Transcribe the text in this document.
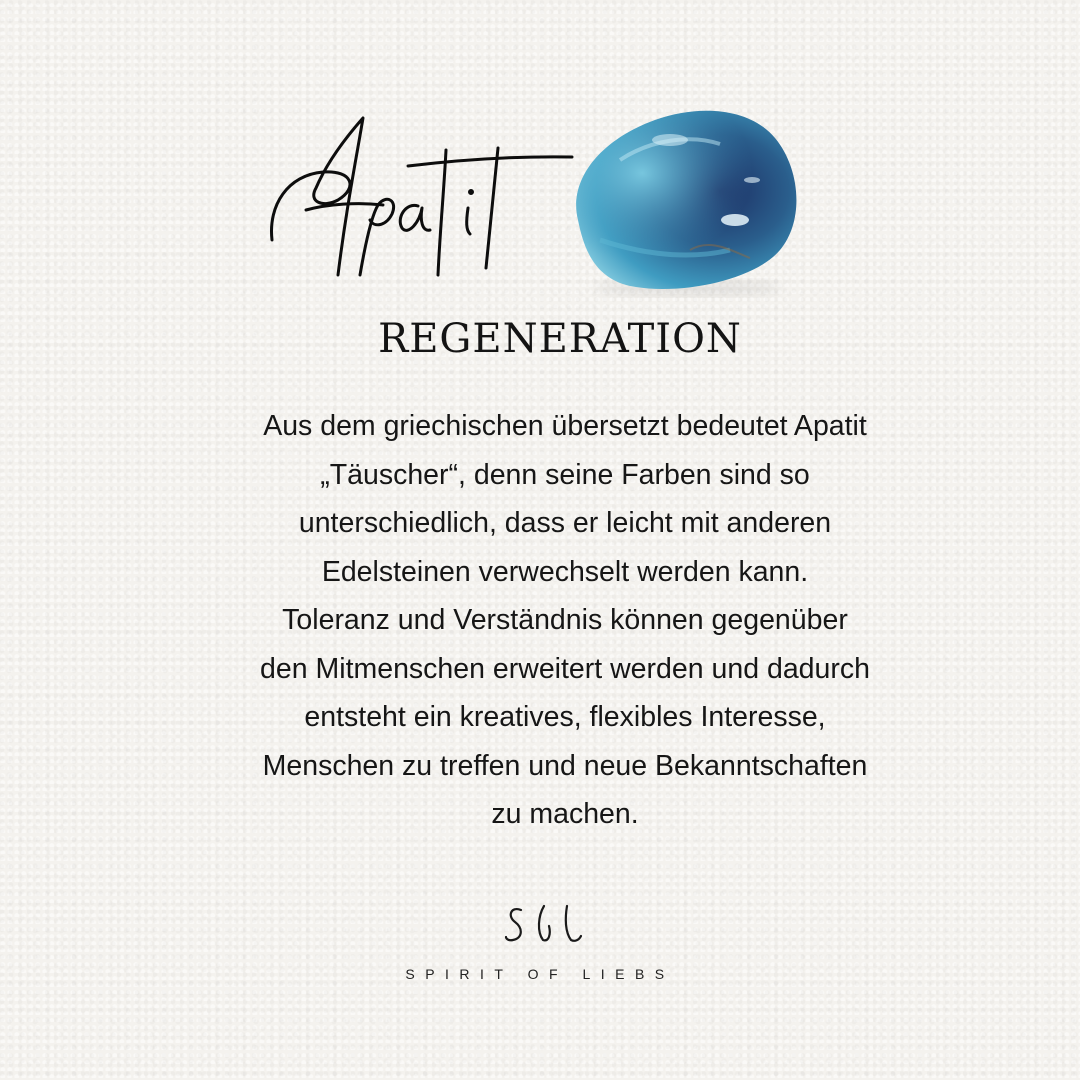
REGENERATION

Aus dem griechischen übersetzt bedeutet Apatit „Täuscher“, denn seine Farben sind so unterschiedlich, dass er leicht mit anderen Edelsteinen verwechselt werden kann.

Toleranz und Verständnis können gegenüber den Mitmenschen erweitert werden und dadurch entsteht ein kreatives, flexibles Interesse, Menschen zu treffen und neue Bekanntschaften zu machen.

SPIRIT OF LIEBS
